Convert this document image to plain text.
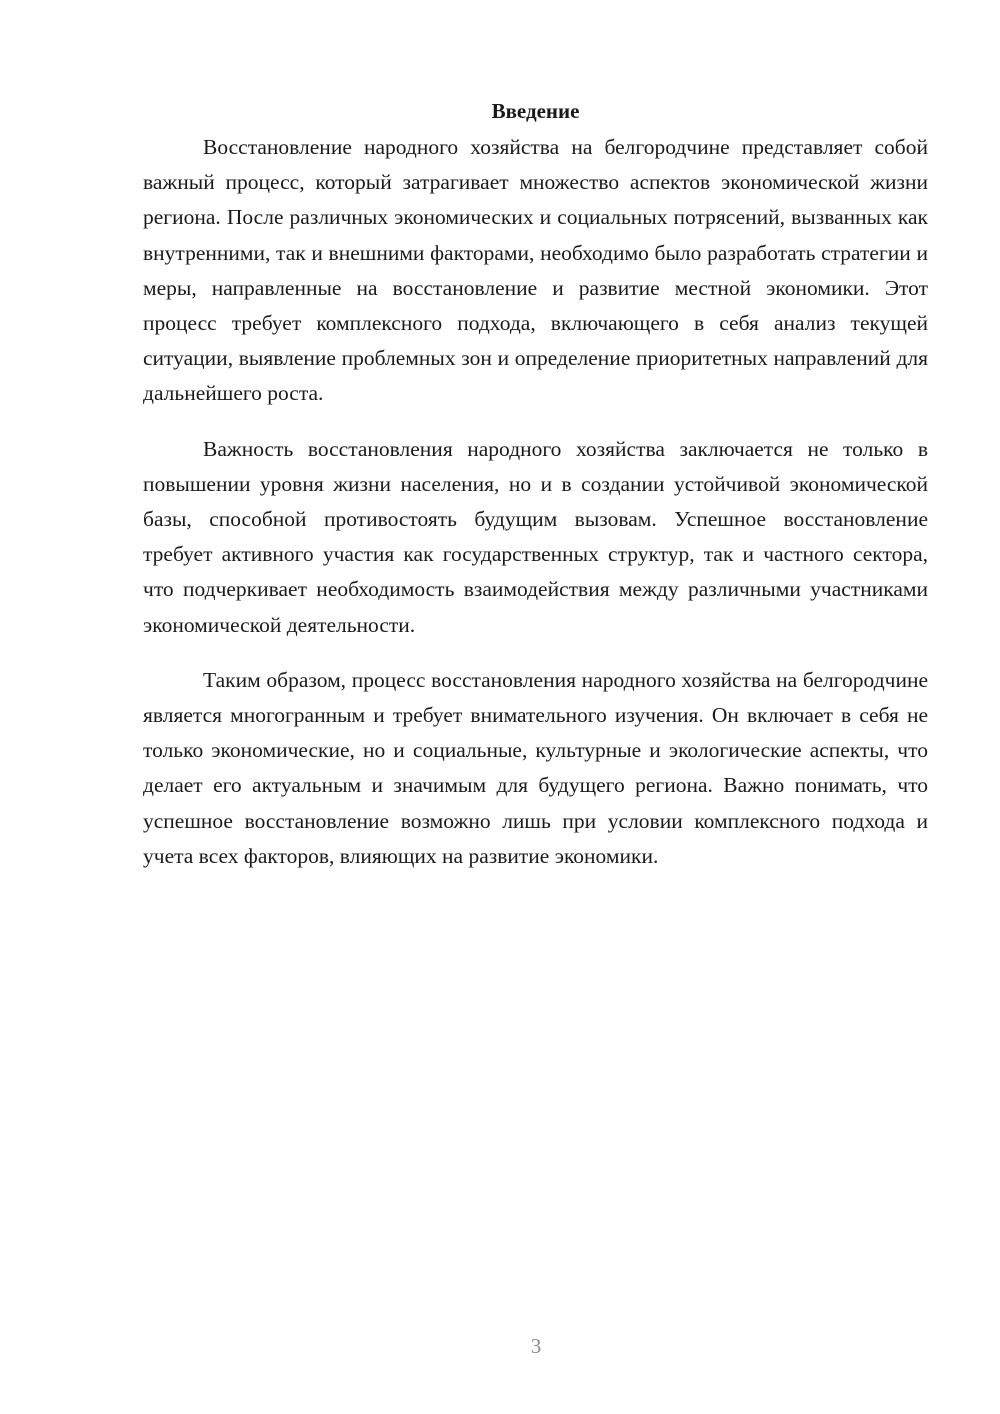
Введение

Восстановление народного хозяйства на белгородчине представляет собой важный процесс, который затрагивает множество аспектов экономической жизни региона. После различных экономических и социальных потрясений, вызванных как внутренними, так и внешними факторами, необходимо было разработать стратегии и меры, направленные на восстановление и развитие местной экономики. Этот процесс требует комплексного подхода, включающего в себя анализ текущей ситуации, выявление проблемных зон и определение приоритетных направлений для дальнейшего роста.

Важность восстановления народного хозяйства заключается не только в повышении уровня жизни населения, но и в создании устойчивой экономической базы, способной противостоять будущим вызовам. Успешное восстановление требует активного участия как государственных структур, так и частного сектора, что подчеркивает необходимость взаимодействия между различными участниками экономической деятельности.

Таким образом, процесс восстановления народного хозяйства на белгородчине является многогранным и требует внимательного изучения. Он включает в себя не только экономические, но и социальные, культурные и экологические аспекты, что делает его актуальным и значимым для будущего региона. Важно понимать, что успешное восстановление возможно лишь при условии комплексного подхода и учета всех факторов, влияющих на развитие экономики.

3
